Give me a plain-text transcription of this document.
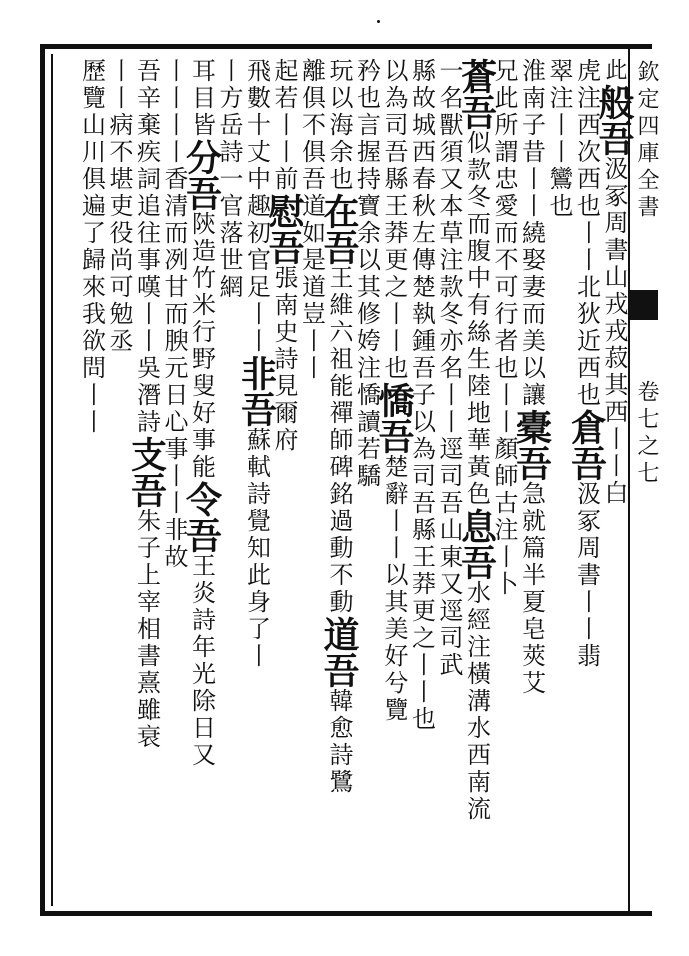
欽定四庫全書
卷七之七
此般吾汲冢周書山戎戎菽其西丨丨白
虎注西次西也丨丨北狄近西也倉吾汲冢周書丨丨翡
翠注丨丨鸞也
淮南子昔丨丨繞娶妻而美以讓橐吾急就篇半夏皂莢艾
兄此所謂忠愛而不可行者也丨丨顏師古注丨卜
蒼吾似款冬而腹中有絲生陸地華黃色息吾水經注橫溝水西南流
一名獸須又本草注款冬亦名丨丨逕司吾山東又逕司武
縣故城西春秋左傳楚執鍾吾子以為司吾縣王莽更之丨丨也
以為司吾縣王莽更之丨丨也憍吾楚辭丨丨以其美好兮覽
矜也言握持寶余以其修姱注憍讀若驕
玩以海余也在吾王維六祖能禪師碑銘過動不動道吾韓愈詩鷺
離俱不俱吾道如是道豈丨丨
起若丨丨前慰吾張南史詩見爾府
飛數十丈中趣初官足丨丨非吾蘇軾詩覺知此身了丨
丨方岳詩一官落世網
耳目皆分吾陝造竹米行野叟好事能令吾王炎詩年光除日又
丨丨丨丨香清而冽甘而腴元日心事丨丨非故
吾辛棄疾詞追往事嘆丨丨吳潛詩支吾朱子上宰相書熹雖衰
丨丨病不堪吏役尚可勉丞
歷覽山川俱遍了歸來我欲問丨丨
